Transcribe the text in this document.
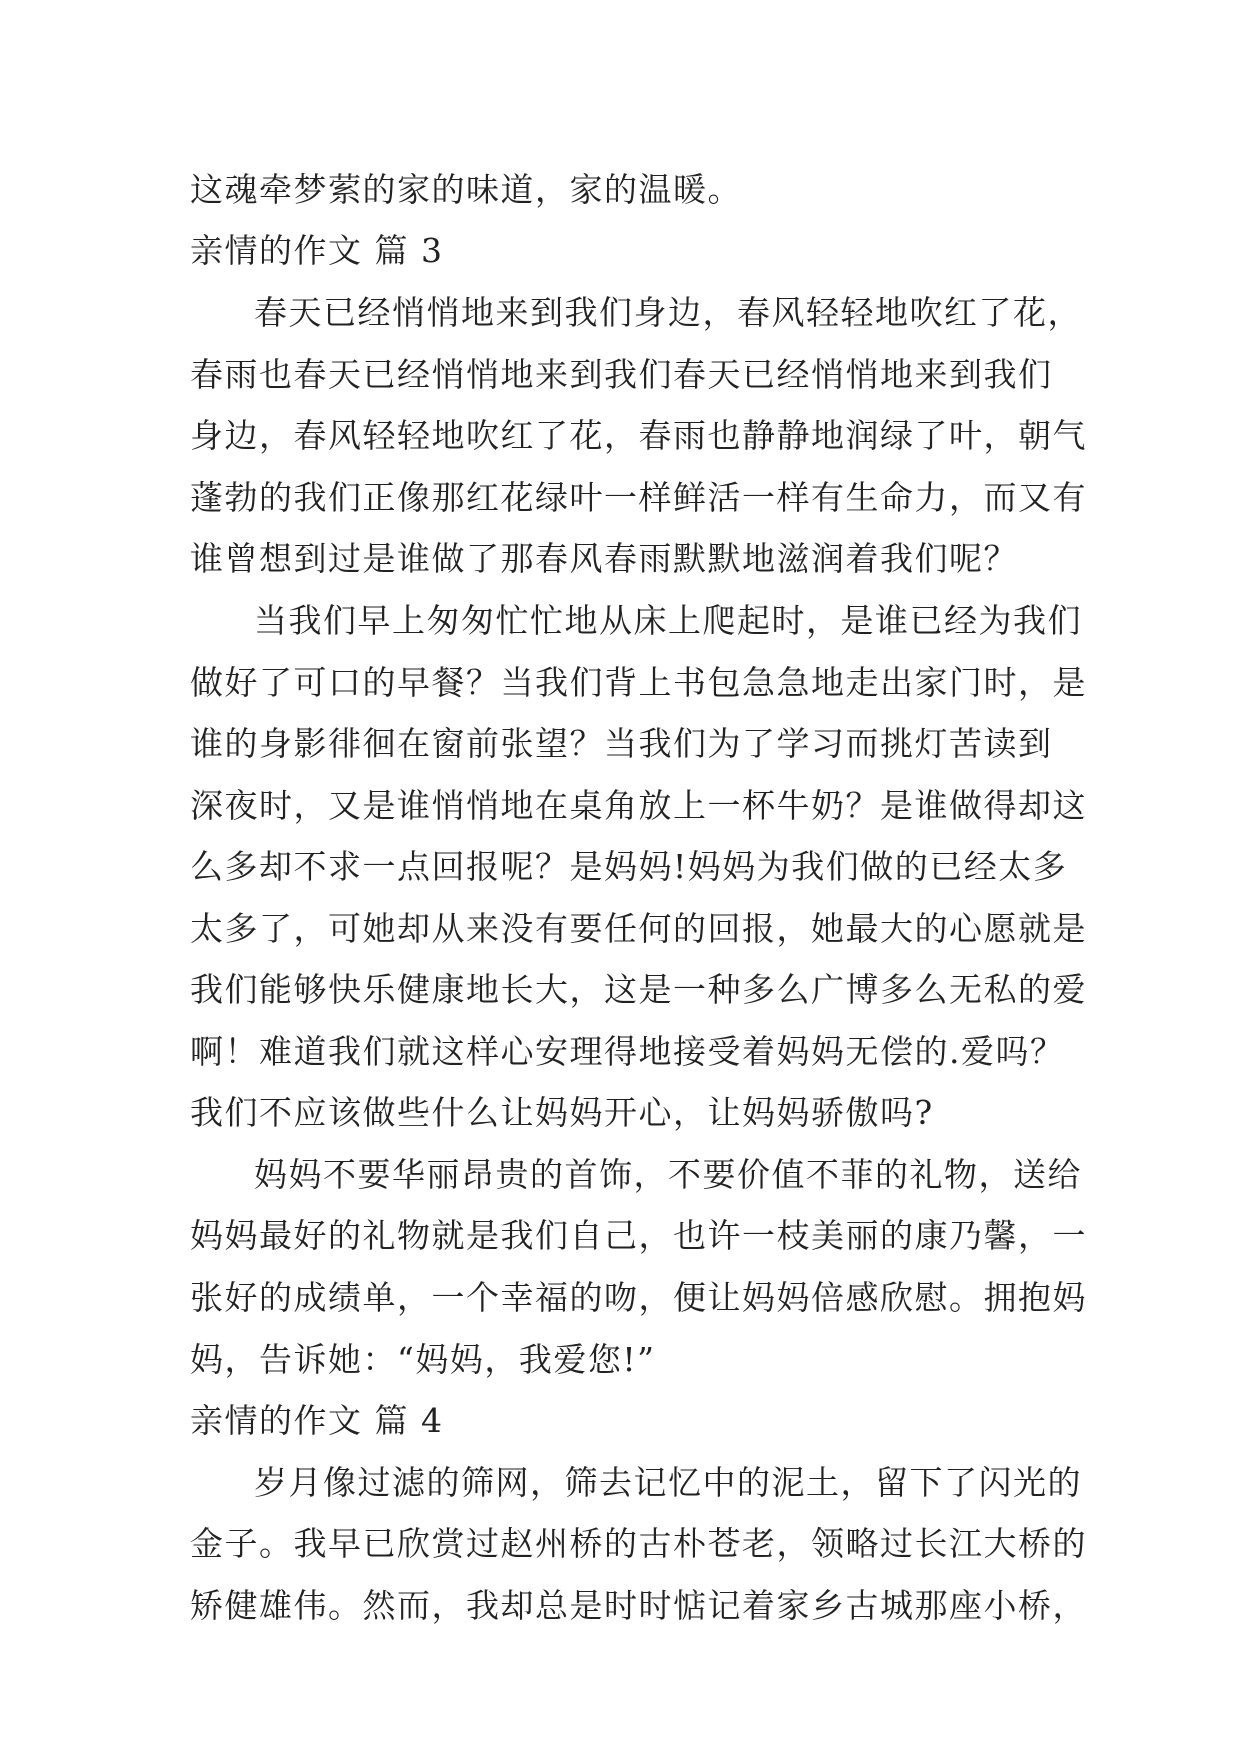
这魂牵梦萦的家的味道，家的温暖。
亲情的作文 篇 3
春天已经悄悄地来到我们身边，春风轻轻地吹红了花，
春雨也春天已经悄悄地来到我们春天已经悄悄地来到我们
身边，春风轻轻地吹红了花，春雨也静静地润绿了叶，朝气
蓬勃的我们正像那红花绿叶一样鲜活一样有生命力，而又有
谁曾想到过是谁做了那春风春雨默默地滋润着我们呢？
当我们早上匆匆忙忙地从床上爬起时，是谁已经为我们
做好了可口的早餐？当我们背上书包急急地走出家门时，是
谁的身影徘徊在窗前张望？当我们为了学习而挑灯苦读到
深夜时，又是谁悄悄地在桌角放上一杯牛奶？是谁做得却这
么多却不求一点回报呢？是妈妈!妈妈为我们做的已经太多
太多了，可她却从来没有要任何的回报，她最大的心愿就是
我们能够快乐健康地长大，这是一种多么广博多么无私的爱
啊！难道我们就这样心安理得地接受着妈妈无偿的.爱吗？
我们不应该做些什么让妈妈开心，让妈妈骄傲吗?
妈妈不要华丽昂贵的首饰，不要价值不菲的礼物，送给
妈妈最好的礼物就是我们自己，也许一枝美丽的康乃馨，一
张好的成绩单，一个幸福的吻，便让妈妈倍感欣慰。拥抱妈
妈，告诉她：“妈妈，我爱您!”
亲情的作文 篇 4
岁月像过滤的筛网，筛去记忆中的泥土，留下了闪光的
金子。我早已欣赏过赵州桥的古朴苍老，领略过长江大桥的
矫健雄伟。然而，我却总是时时惦记着家乡古城那座小桥，
